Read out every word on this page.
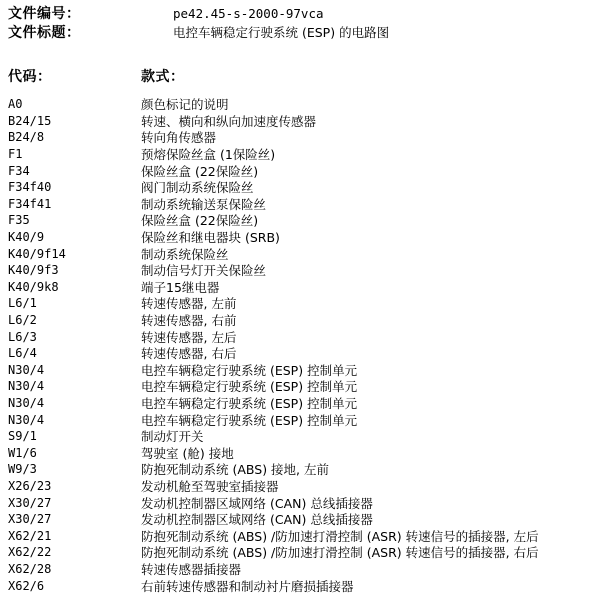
文件编号：	pe42.45-s-2000-97vca
文件标题：	电控车辆稳定行驶系统 (ESP) 的电路图
代码：	款式：
A0	颜色标记的说明
B24/15	转速、横向和纵向加速度传感器
B24/8	转向角传感器
F1	预熔保险丝盒 (1保险丝)
F34	保险丝盒 (22保险丝)
F34f40	阀门制动系统保险丝
F34f41	制动系统输送泵保险丝
F35	保险丝盒 (22保险丝)
K40/9	保险丝和继电器块 (SRB)
K40/9f14	制动系统保险丝
K40/9f3	制动信号灯开关保险丝
K40/9k8	端子15继电器
L6/1	转速传感器, 左前
L6/2	转速传感器, 右前
L6/3	转速传感器, 左后
L6/4	转速传感器, 右后
N30/4	电控车辆稳定行驶系统 (ESP) 控制单元
N30/4	电控车辆稳定行驶系统 (ESP) 控制单元
N30/4	电控车辆稳定行驶系统 (ESP) 控制单元
N30/4	电控车辆稳定行驶系统 (ESP) 控制单元
S9/1	制动灯开关
W1/6	驾驶室 (舱) 接地
W9/3	防抱死制动系统 (ABS) 接地, 左前
X26/23	发动机舱至驾驶室插接器
X30/27	发动机控制器区域网络 (CAN) 总线插接器
X30/27	发动机控制器区域网络 (CAN) 总线插接器
X62/21	防抱死制动系统 (ABS) /防加速打滑控制 (ASR) 转速信号的插接器, 左后
X62/22	防抱死制动系统 (ABS) /防加速打滑控制 (ASR) 转速信号的插接器, 右后
X62/28	转速传感器插接器
X62/6	右前转速传感器和制动衬片磨损插接器
